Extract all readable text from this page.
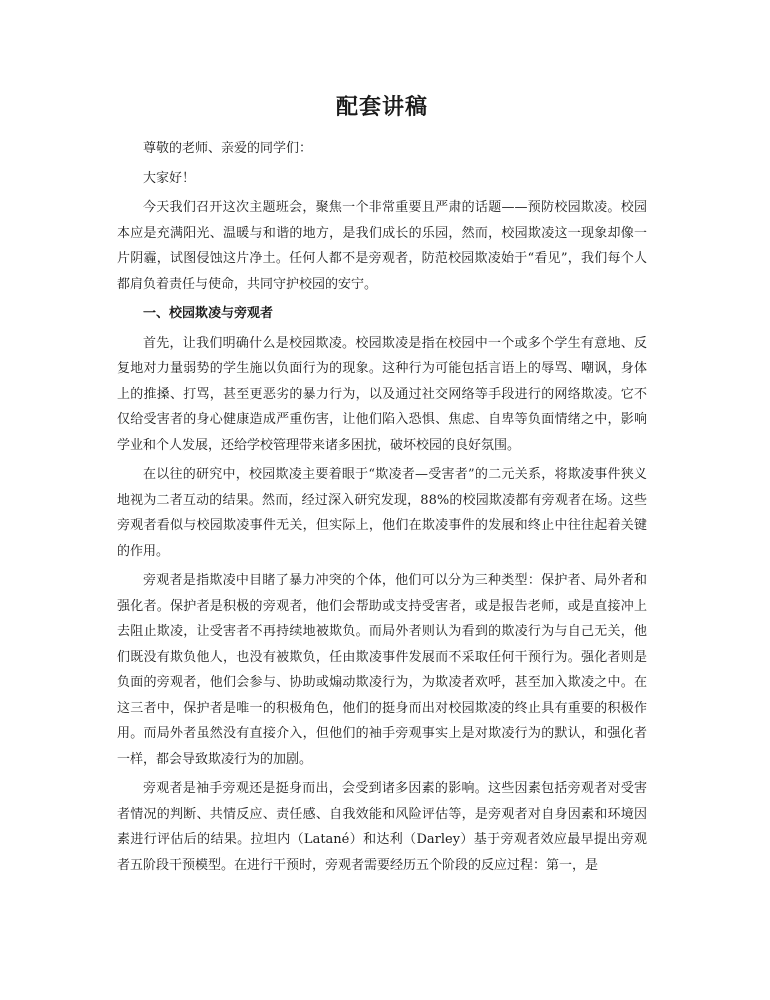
配套讲稿

尊敬的老师、亲爱的同学们：

大家好！

今天我们召开这次主题班会，聚焦一个非常重要且严肃的话题——预防校园欺凌。校园本应是充满阳光、温暖与和谐的地方，是我们成长的乐园，然而，校园欺凌这一现象却像一片阴霾，试图侵蚀这片净土。任何人都不是旁观者，防范校园欺凌始于“看见”，我们每个人都肩负着责任与使命，共同守护校园的安宁。

一、校园欺凌与旁观者

首先，让我们明确什么是校园欺凌。校园欺凌是指在校园中一个或多个学生有意地、反复地对力量弱势的学生施以负面行为的现象。这种行为可能包括言语上的辱骂、嘲讽，身体上的推搡、打骂，甚至更恶劣的暴力行为，以及通过社交网络等手段进行的网络欺凌。它不仅给受害者的身心健康造成严重伤害，让他们陷入恐惧、焦虑、自卑等负面情绪之中，影响学业和个人发展，还给学校管理带来诸多困扰，破坏校园的良好氛围。

在以往的研究中，校园欺凌主要着眼于“欺凌者—受害者”的二元关系，将欺凌事件狭义地视为二者互动的结果。然而，经过深入研究发现，88%的校园欺凌都有旁观者在场。这些旁观者看似与校园欺凌事件无关，但实际上，他们在欺凌事件的发展和终止中往往起着关键的作用。

旁观者是指欺凌中目睹了暴力冲突的个体，他们可以分为三种类型：保护者、局外者和强化者。保护者是积极的旁观者，他们会帮助或支持受害者，或是报告老师，或是直接冲上去阻止欺凌，让受害者不再持续地被欺负。而局外者则认为看到的欺凌行为与自己无关，他们既没有欺负他人，也没有被欺负，任由欺凌事件发展而不采取任何干预行为。强化者则是负面的旁观者，他们会参与、协助或煽动欺凌行为，为欺凌者欢呼，甚至加入欺凌之中。在这三者中，保护者是唯一的积极角色，他们的挺身而出对校园欺凌的终止具有重要的积极作用。而局外者虽然没有直接介入，但他们的袖手旁观事实上是对欺凌行为的默认，和强化者一样，都会导致欺凌行为的加剧。

旁观者是袖手旁观还是挺身而出，会受到诸多因素的影响。这些因素包括旁观者对受害者情况的判断、共情反应、责任感、自我效能和风险评估等，是旁观者对自身因素和环境因素进行评估后的结果。拉坦内（Latané）和达利（Darley）基于旁观者效应最早提出旁观者五阶段干预模型。在进行干预时，旁观者需要经历五个阶段的反应过程：第一，是
